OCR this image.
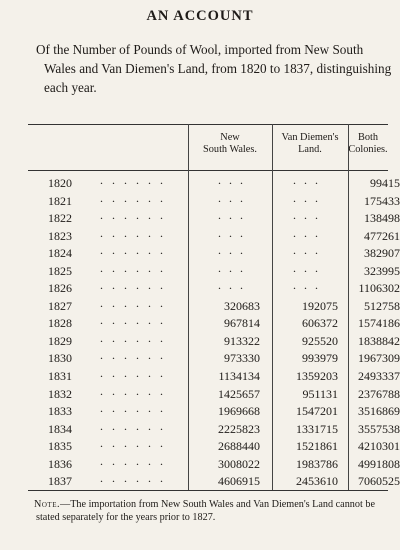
AN ACCOUNT
Of the Number of Pounds of Wool, imported from New South Wales and Van Diemen's Land, from 1820 to 1837, distinguishing each year.
New
South Wales.
Van Diemen's
Land.
Both
Colonies.
1820 ......	...	...	99415
1821 ......	...	...	175433
1822 ......	...	...	138498
1823 ......	...	...	477261
1824 ......	...	...	382907
1825 ......	...	...	323995
1826 ......	...	...	1106302
1827 ......	320683	192075	512758
1828 ......	967814	606372	1574186
1829 ......	913322	925520	1838842
1830 ......	973330	993979	1967309
1831 ......	1134134	1359203	2493337
1832 ......	1425657	951131	2376788
1833 ......	1969668	1547201	3516869
1834 ......	2225823	1331715	3557538
1835 ......	2688440	1521861	4210301
1836 ......	3008022	1983786	4991808
1837 ......	4606915	2453610	7060525
Note.—The importation from New South Wales and Van Diemen's Land cannot be stated separately for the years prior to 1827.
